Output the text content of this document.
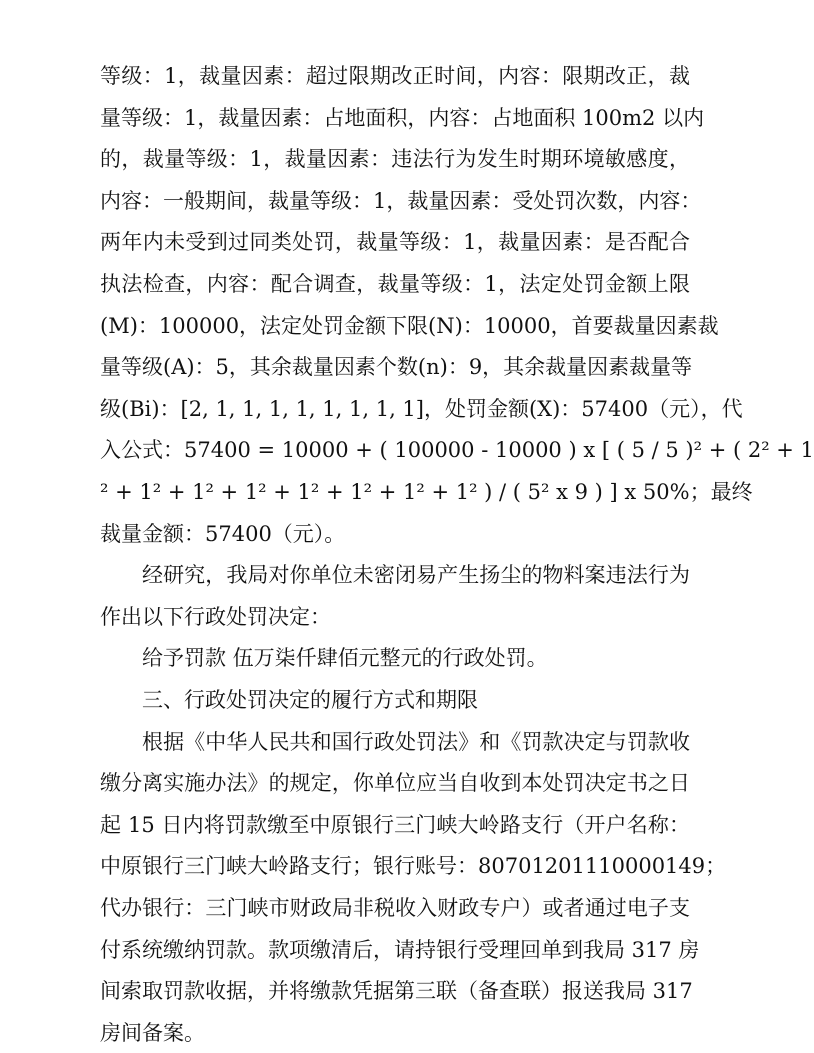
等级：1，裁量因素：超过限期改正时间，内容：限期改正，裁
量等级：1，裁量因素：占地面积，内容：占地面积 100m2 以内
的，裁量等级：1，裁量因素：违法行为发生时期环境敏感度，
内容：一般期间，裁量等级：1，裁量因素：受处罚次数，内容：
两年内未受到过同类处罚，裁量等级：1，裁量因素：是否配合
执法检查，内容：配合调查，裁量等级：1，法定处罚金额上限
(M)：100000，法定处罚金额下限(N)：10000，首要裁量因素裁
量等级(A)：5，其余裁量因素个数(n)：9，其余裁量因素裁量等
级(Bi)：[2, 1, 1, 1, 1, 1, 1, 1, 1]，处罚金额(X)：57400（元），代
入公式：57400 = 10000 + ( 100000 - 10000 ) x [ ( 5 / 5 )² + ( 2² + 1
² + 1² + 1² + 1² + 1² + 1² + 1² + 1² ) / ( 5² x 9 ) ] x 50%；最终
裁量金额：57400（元）。
经研究，我局对你单位未密闭易产生扬尘的物料案违法行为
作出以下行政处罚决定：
给予罚款 伍万柒仟肆佰元整元的行政处罚。
三、行政处罚决定的履行方式和期限
根据《中华人民共和国行政处罚法》和《罚款决定与罚款收
缴分离实施办法》的规定，你单位应当自收到本处罚决定书之日
起 15 日内将罚款缴至中原银行三门峡大岭路支行（开户名称：
中原银行三门峡大岭路支行；银行账号：80701201110000149；
代办银行：三门峡市财政局非税收入财政专户）或者通过电子支
付系统缴纳罚款。款项缴清后，请持银行受理回单到我局 317 房
间索取罚款收据，并将缴款凭据第三联（备查联）报送我局 317
房间备案。
